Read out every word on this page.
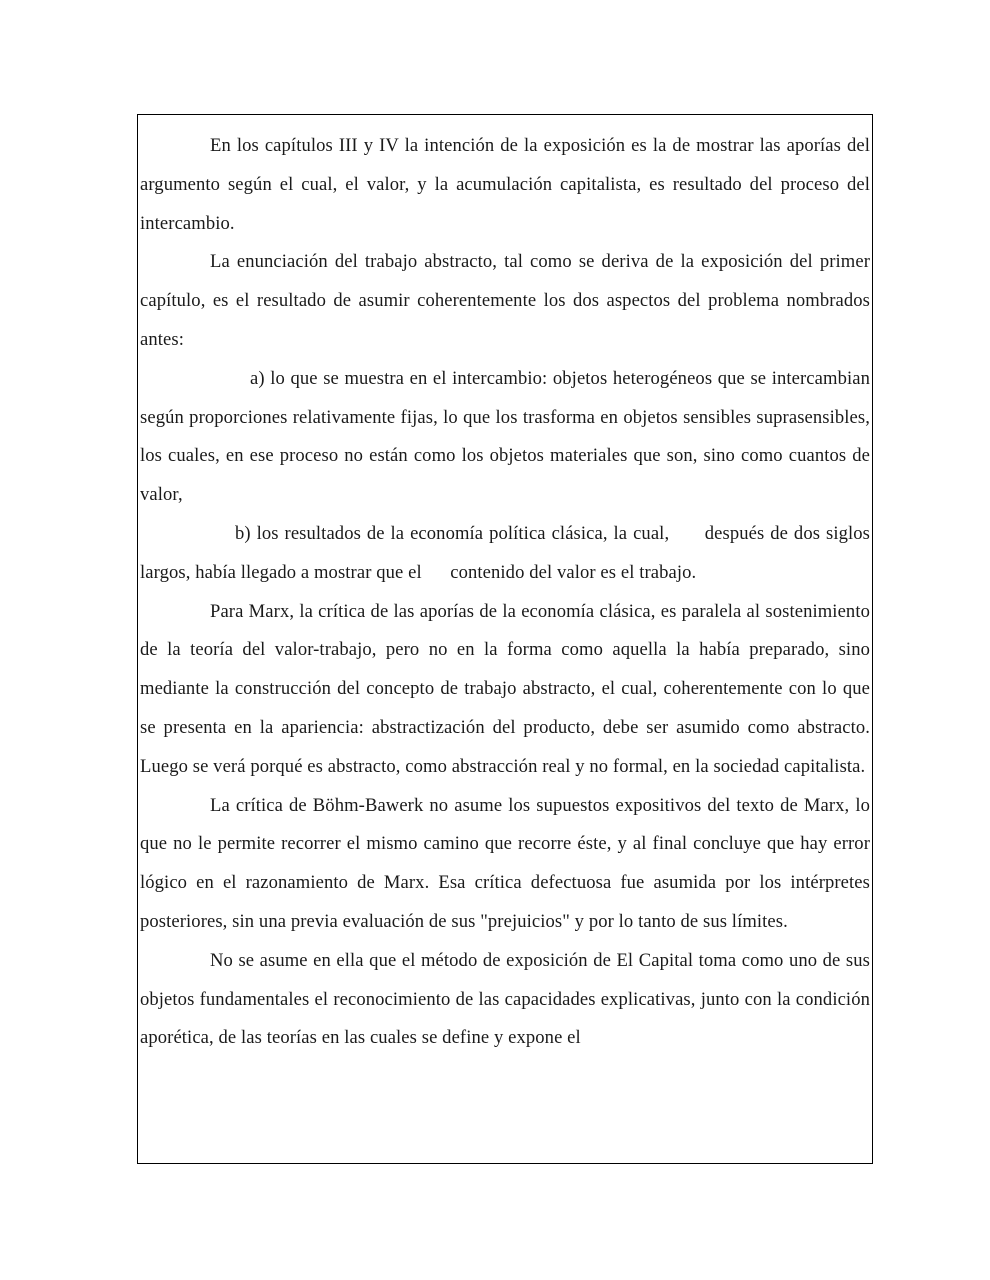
En los capítulos III y IV la intención de la exposición es la de mostrar las aporías del argumento según el cual, el valor, y la acumulación capitalista, es resultado del proceso del intercambio.

La enunciación del trabajo abstracto, tal como se deriva de la exposición del primer capítulo, es el resultado de asumir coherentemente los dos aspectos del problema nombrados antes:

a) lo que se muestra en el intercambio: objetos heterogéneos que se intercambian según proporciones relativamente fijas, lo que los trasforma en objetos sensibles suprasensibles, los cuales, en ese proceso no están como los objetos materiales que son, sino como cuantos de valor,

b) los resultados de la economía política clásica, la cual,      después de dos siglos largos, había llegado a mostrar que el      contenido del valor es el trabajo.

Para Marx, la crítica de las aporías de la economía clásica, es paralela al sostenimiento de la teoría del valor-trabajo, pero no en la forma como aquella la había preparado, sino mediante la construcción del concepto de trabajo abstracto, el cual, coherentemente con lo que se presenta en la apariencia: abstractización del producto, debe ser asumido como abstracto. Luego se verá porqué es abstracto, como abstracción real y no formal, en la sociedad capitalista.

La crítica de Böhm-Bawerk no asume los supuestos expositivos del texto de Marx, lo que no le permite recorrer el mismo camino que recorre éste, y al final concluye que hay error lógico en el razonamiento de Marx. Esa crítica defectuosa fue asumida por los intérpretes posteriores, sin una previa evaluación de sus "prejuicios" y por lo tanto de sus límites.

No se asume en ella que el método de exposición de El Capital toma como uno de sus objetos fundamentales el reconocimiento de las capacidades explicativas, junto con la condición aporética, de las teorías en las cuales se define y expone el
